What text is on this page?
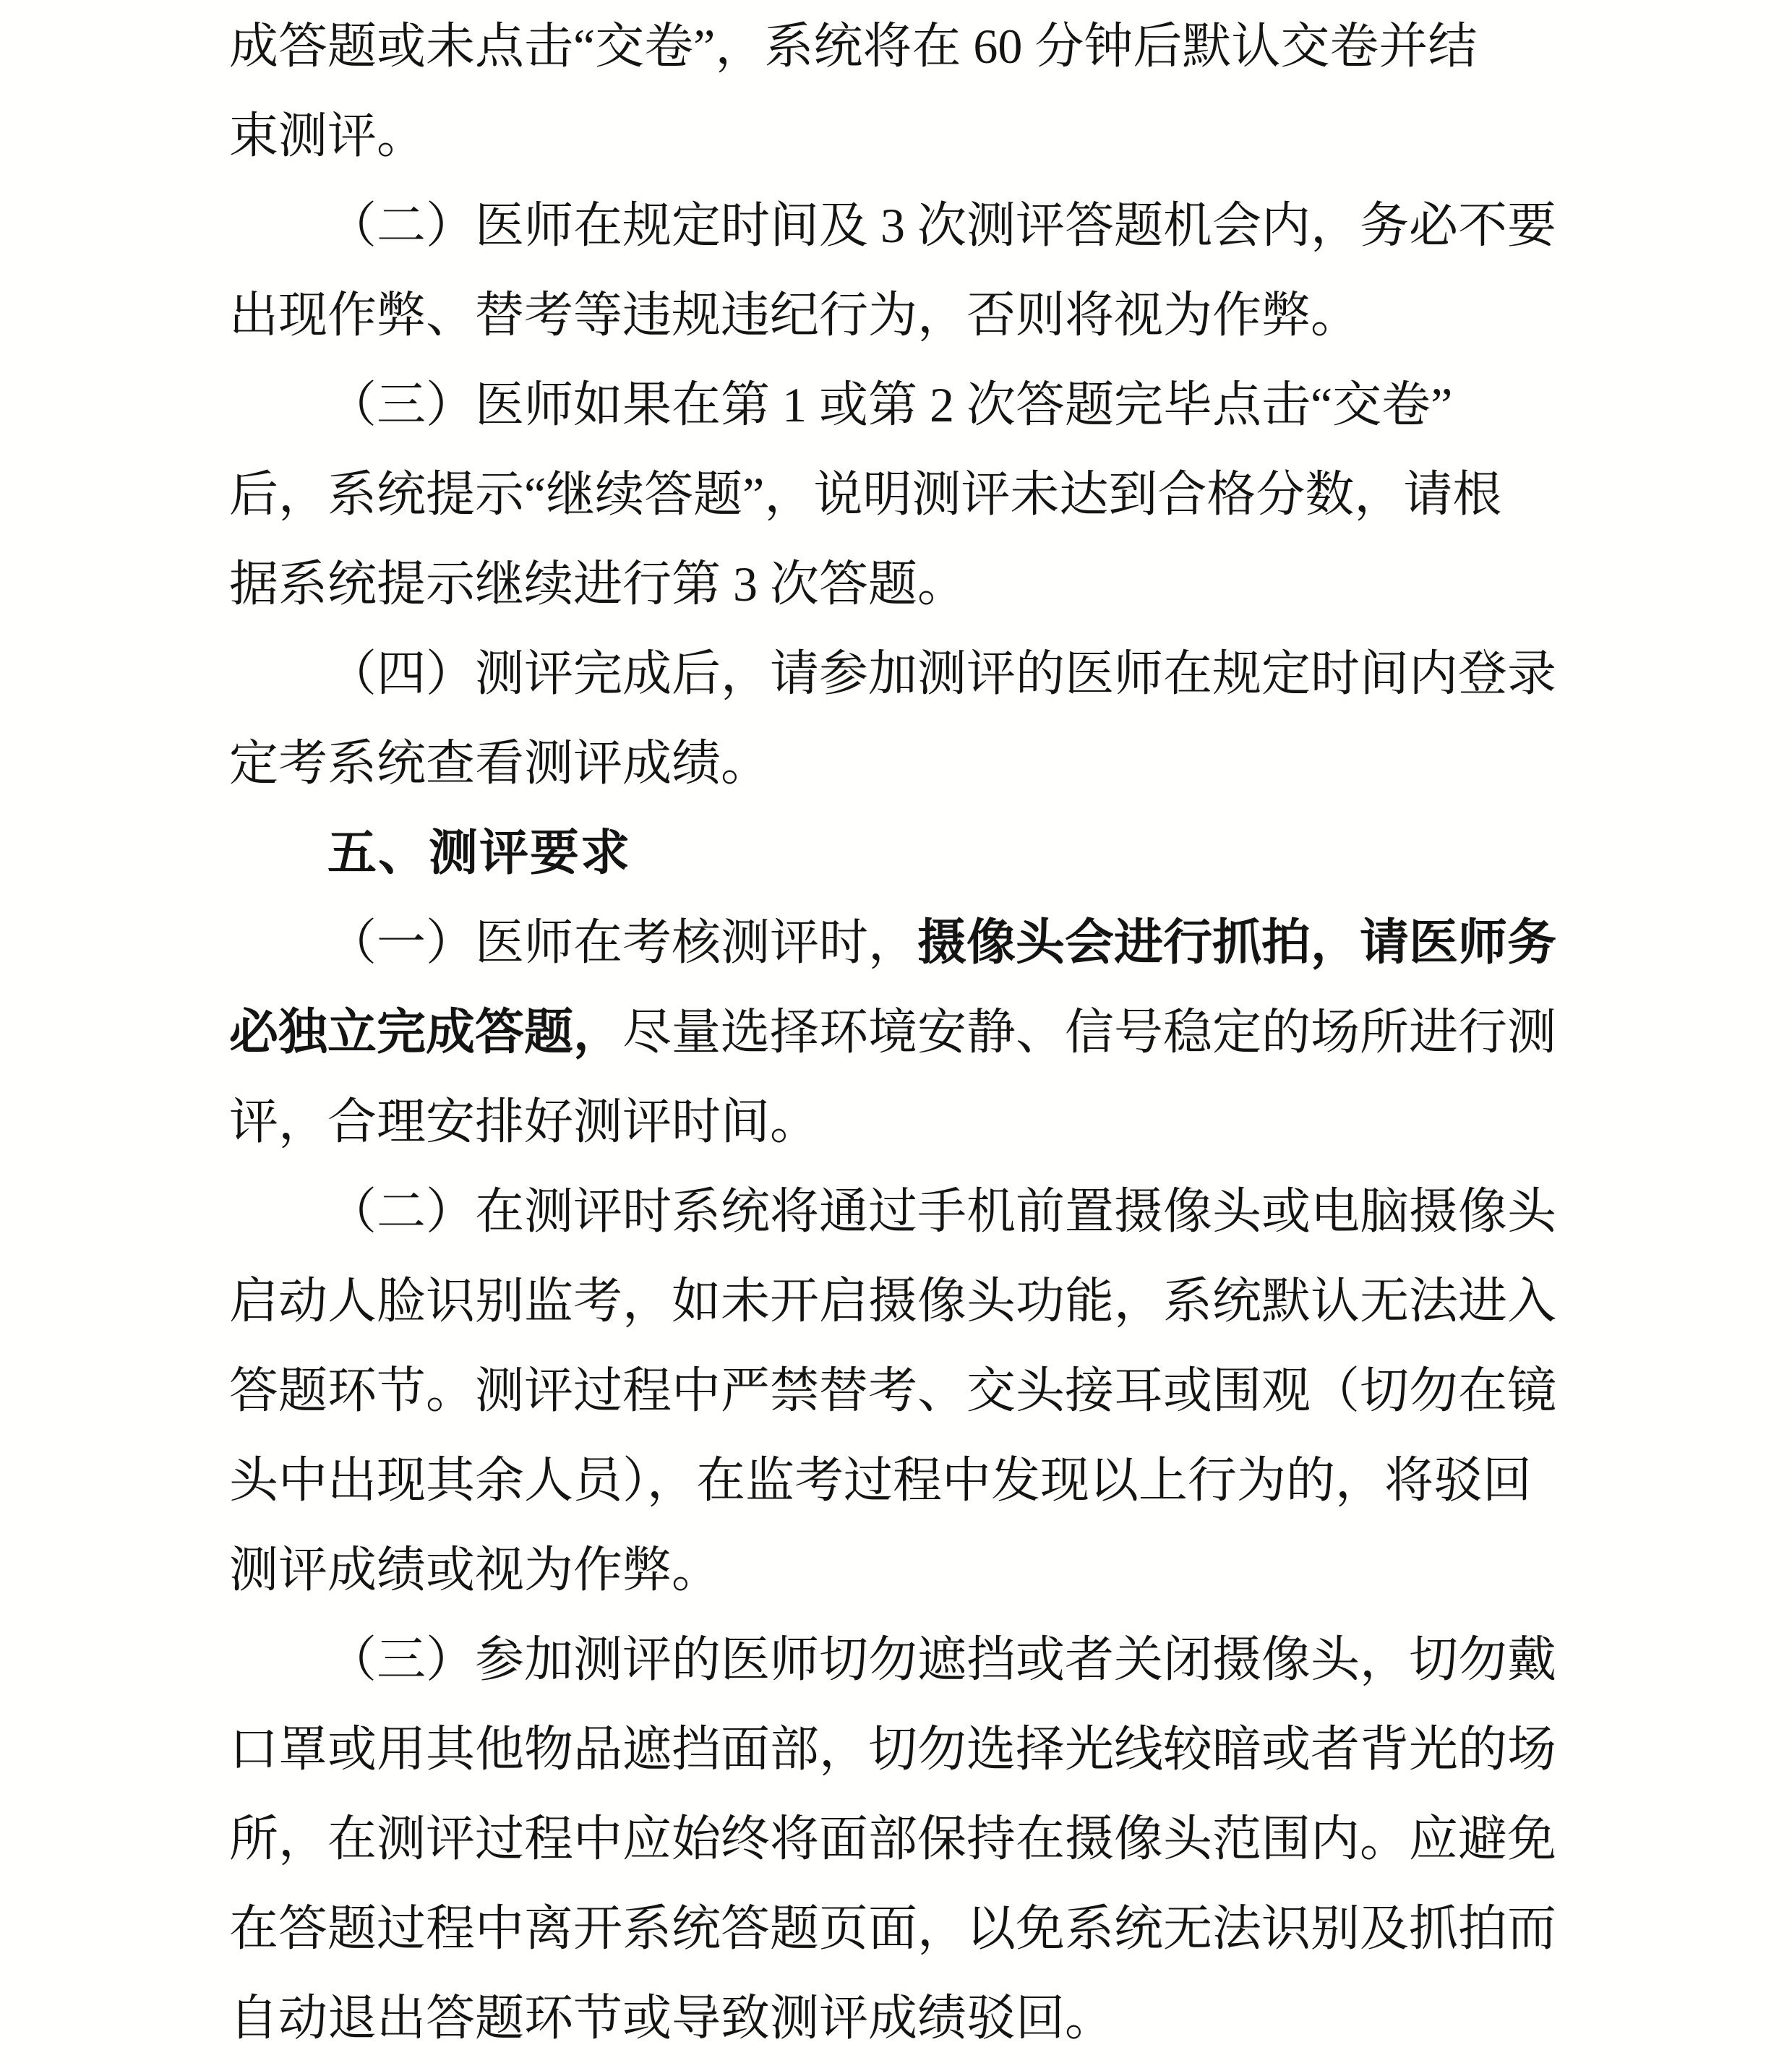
成答题或未点击“交卷”，系统将在 60 分钟后默认交卷并结
束测评。
（二）医师在规定时间及 3 次测评答题机会内，务必不要
出现作弊、替考等违规违纪行为，否则将视为作弊。
（三）医师如果在第 1 或第 2 次答题完毕点击“交卷”
后，系统提示“继续答题”，说明测评未达到合格分数，请根
据系统提示继续进行第 3 次答题。
（四）测评完成后，请参加测评的医师在规定时间内登录
定考系统查看测评成绩。
五、测评要求
（一）医师在考核测评时，摄像头会进行抓拍，请医师务
必独立完成答题，尽量选择环境安静、信号稳定的场所进行测
评，合理安排好测评时间。
（二）在测评时系统将通过手机前置摄像头或电脑摄像头
启动人脸识别监考，如未开启摄像头功能，系统默认无法进入
答题环节。测评过程中严禁替考、交头接耳或围观（切勿在镜
头中出现其余人员），在监考过程中发现以上行为的，将驳回
测评成绩或视为作弊。
（三）参加测评的医师切勿遮挡或者关闭摄像头，切勿戴
口罩或用其他物品遮挡面部，切勿选择光线较暗或者背光的场
所，在测评过程中应始终将面部保持在摄像头范围内。应避免
在答题过程中离开系统答题页面，以免系统无法识别及抓拍而
自动退出答题环节或导致测评成绩驳回。
